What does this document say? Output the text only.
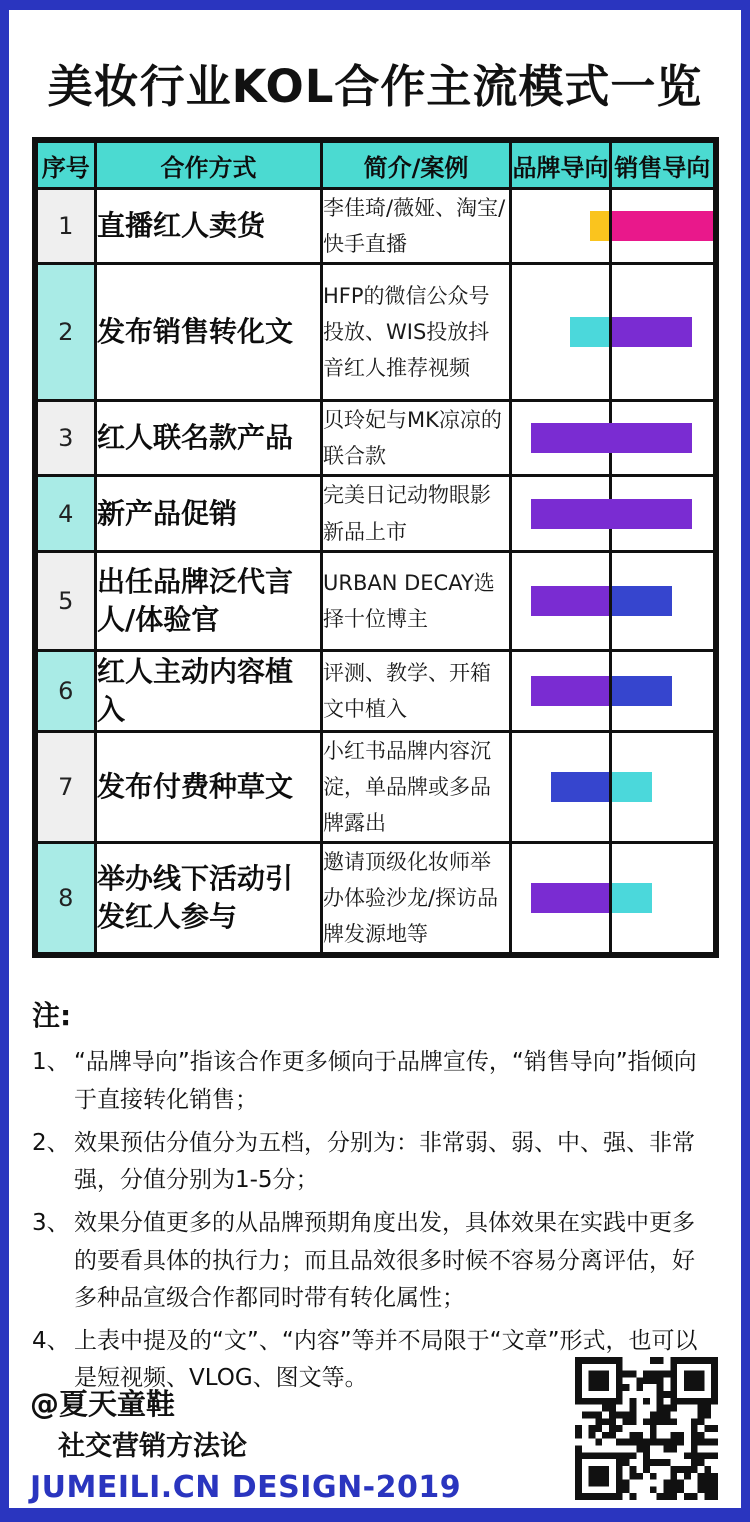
美妆行业KOL合作主流模式一览
序号	合作方式	简介/案例	品牌导向	销售导向
1	直播红人卖货	李佳琦/薇娅、淘宝/快手直播	

2	发布销售转化文	HFP的微信公众号投放、WIS投放抖音红人推荐视频	

3	红人联名款产品	贝玲妃与MK凉凉的联合款	

4	新产品促销	完美日记动物眼影新品上市	

5	出任品牌泛代言人/体验官	URBAN DECAY选择十位博主	

6	红人主动内容植入	评测、教学、开箱文中植入	

7	发布付费种草文	小红书品牌内容沉淀，单品牌或多品牌露出	

8	举办线下活动引发红人参与	邀请顶级化妆师举办体验沙龙/探访品牌发源地等	

注:
1、 “品牌导向”指该合作更多倾向于品牌宣传，“销售导向”指倾向于直接转化销售；
2、 效果预估分值分为五档，分别为：非常弱、弱、中、强、非常强，分值分别为1-5分；
3、 效果分值更多的从品牌预期角度出发，具体效果在实践中更多的要看具体的执行力；而且品效很多时候不容易分离评估，好多种品宣级合作都同时带有转化属性；
4、 上表中提及的“文”、“内容”等并不局限于“文章”形式，也可以是短视频、VLOG、图文等。
@夏天童鞋
社交营销方法论
JUMEILI.CN DESIGN-2019
